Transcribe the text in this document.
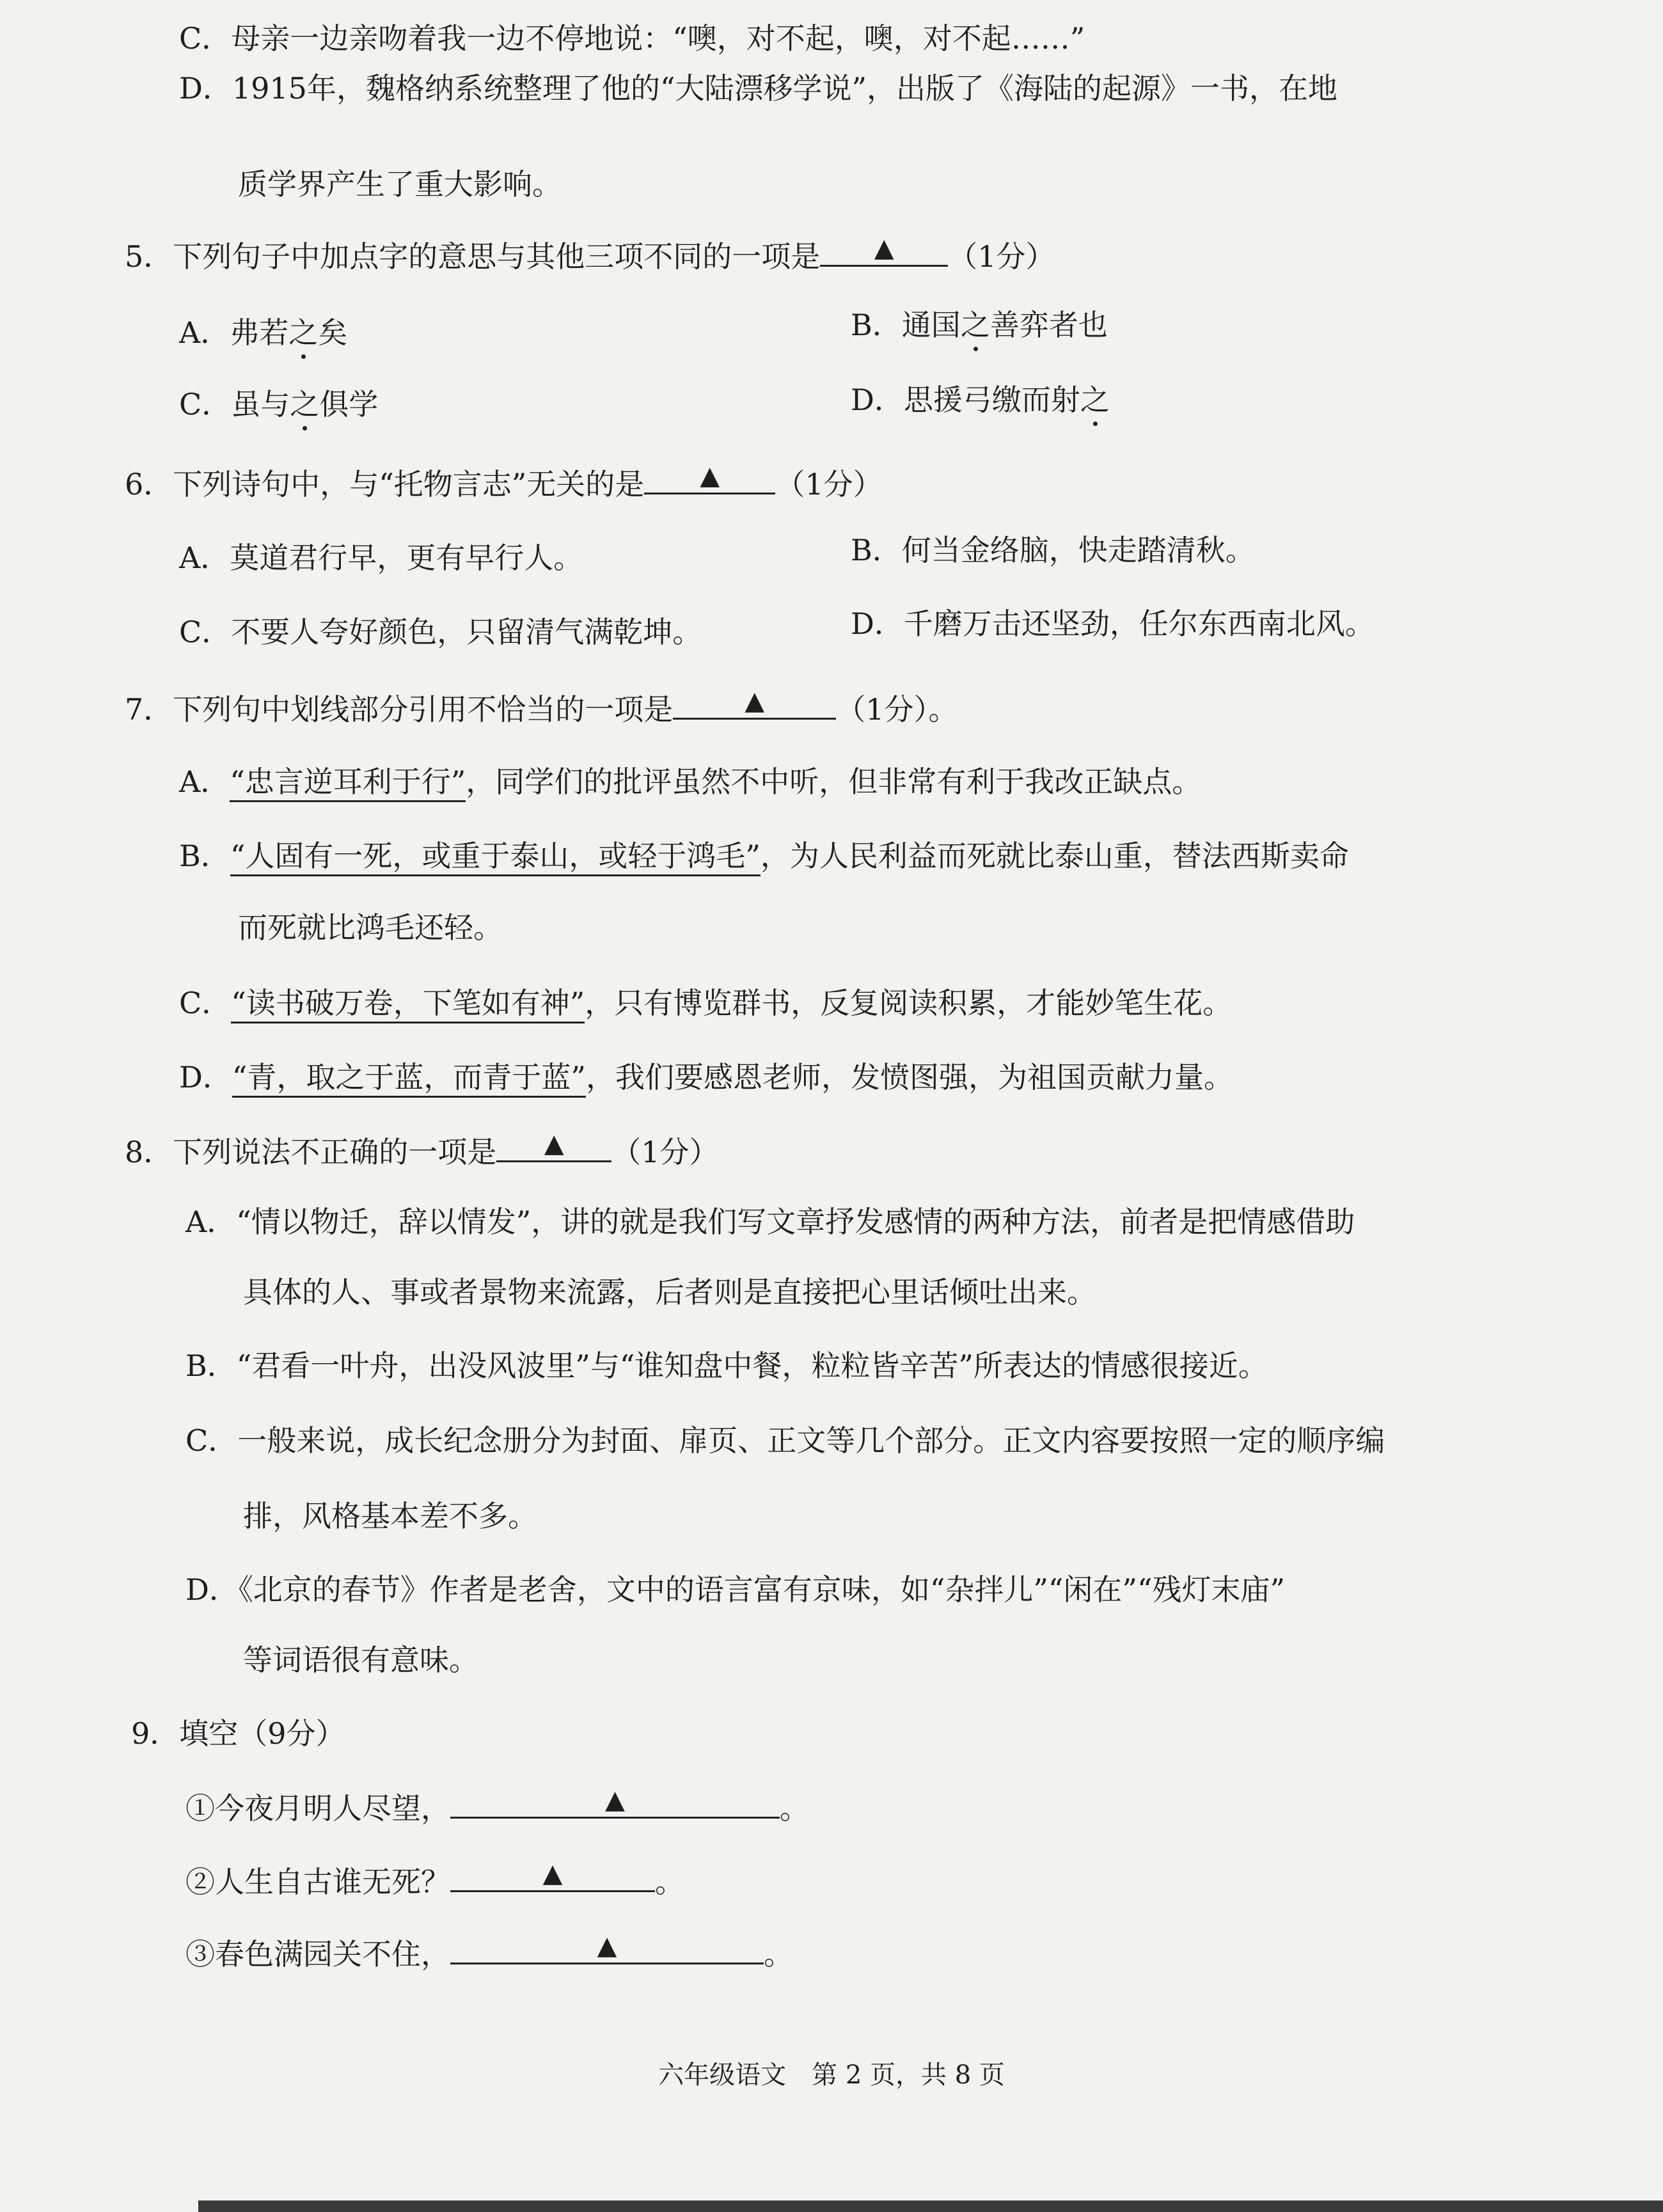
C．母亲一边亲吻着我一边不停地说：“噢，对不起，噢，对不起……”
D．1915年，魏格纳系统整理了他的“大陆漂移学说”，出版了《海陆的起源》一书，在地
质学界产生了重大影响。
5．下列句子中加点字的意思与其他三项不同的一项是	▲	（1分）
A．弗若之矣	B．通国之善弈者也
C．虽与之俱学	D．思援弓缴而射之
6．下列诗句中，与“托物言志”无关的是	▲	（1分）
A．莫道君行早，更有早行人。	B．何当金络脑，快走踏清秋。
C．不要人夸好颜色，只留清气满乾坤。	D．千磨万击还坚劲，任尔东西南北风。
7．下列句中划线部分引用不恰当的一项是	▲	（1分）。
A．“忠言逆耳利于行”，同学们的批评虽然不中听，但非常有利于我改正缺点。
B．“人固有一死，或重于泰山，或轻于鸿毛”，为人民利益而死就比泰山重，替法西斯卖命
而死就比鸿毛还轻。
C．“读书破万卷，下笔如有神”，只有博览群书，反复阅读积累，才能妙笔生花。
D．“青，取之于蓝，而青于蓝”，我们要感恩老师，发愤图强，为祖国贡献力量。
8．下列说法不正确的一项是	▲	（1分）
A．“情以物迁，辞以情发”，讲的就是我们写文章抒发感情的两种方法，前者是把情感借助
具体的人、事或者景物来流露，后者则是直接把心里话倾吐出来。
B．“君看一叶舟，出没风波里”与“谁知盘中餐，粒粒皆辛苦”所表达的情感很接近。
C．一般来说，成长纪念册分为封面、扉页、正文等几个部分。正文内容要按照一定的顺序编
排，风格基本差不多。
D．《北京的春节》作者是老舍，文中的语言富有京味，如“杂拌儿”“闲在”“残灯末庙”
等词语很有意味。
9．填空（9分）
①今夜月明人尽望，	▲	。
②人生自古谁无死？	▲	。
③春色满园关不住，	▲	。
六年级语文　第 2 页，共 8 页
